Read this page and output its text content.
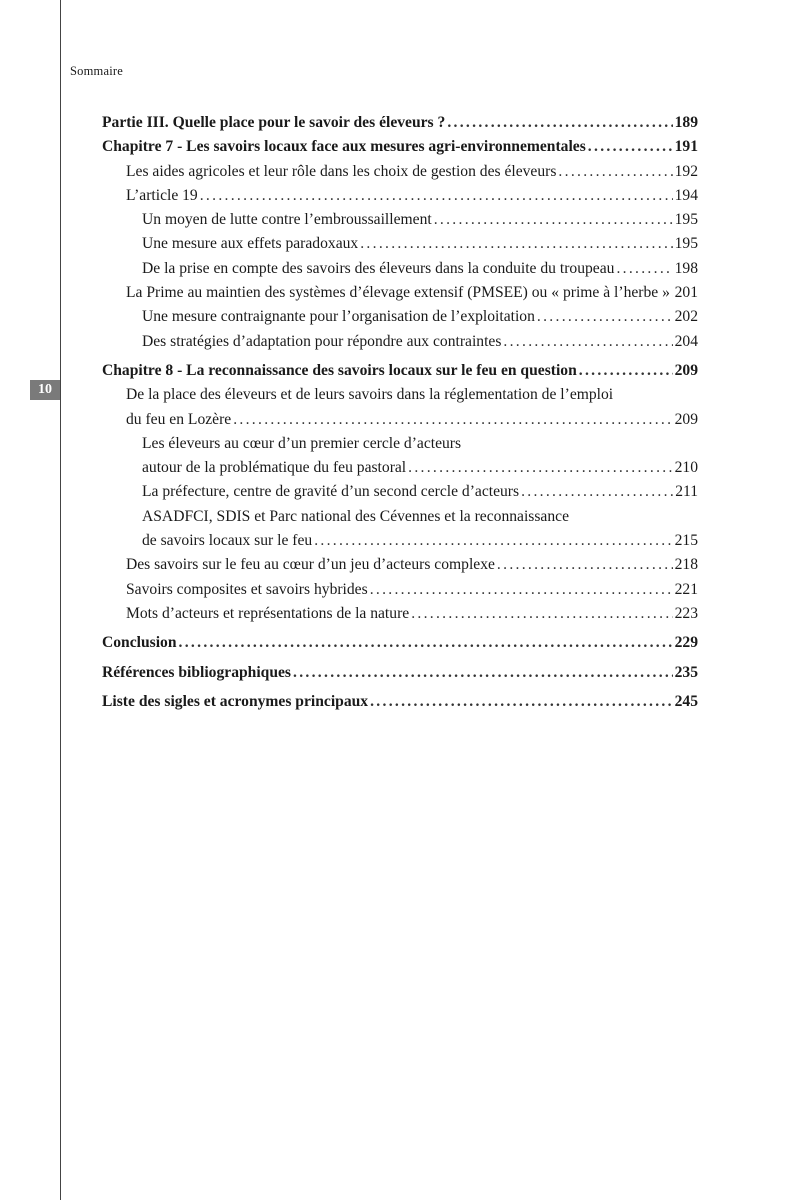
Sommaire
10
Partie III. Quelle place pour le savoir des éleveurs ? .....	189
Chapitre 7 - Les savoirs locaux face aux mesures agri-environnementales .....	191
Les aides agricoles et leur rôle dans les choix de gestion des éleveurs .....	192
L’article 19 .....	194
Un moyen de lutte contre l’embroussaillement .....	195
Une mesure aux effets paradoxaux .....	195
De la prise en compte des savoirs des éleveurs dans la conduite du troupeau .....	198
La Prime au maintien des systèmes d’élevage extensif (PMSEE) ou « prime à l’herbe » ..... 201
Une mesure contraignante pour l’organisation de l’exploitation .....	202
Des stratégies d’adaptation pour répondre aux contraintes .....	204
Chapitre 8 - La reconnaissance des savoirs locaux sur le feu en question .....	209
De la place des éleveurs et de leurs savoirs dans la réglementation de l’emploi
du feu en Lozère .....	209
Les éleveurs au cœur d’un premier cercle d’acteurs
autour de la problématique du feu pastoral .....	210
La préfecture, centre de gravité d’un second cercle d’acteurs .....	211
ASADFCI, SDIS et Parc national des Cévennes et la reconnaissance
de savoirs locaux sur le feu .....	215
Des savoirs sur le feu au cœur d’un jeu d’acteurs complexe .....	218
Savoirs composites et savoirs hybrides .....	221
Mots d’acteurs et représentations de la nature .....	223
Conclusion .....	229
Références bibliographiques .....	235
Liste des sigles et acronymes principaux .....	245
